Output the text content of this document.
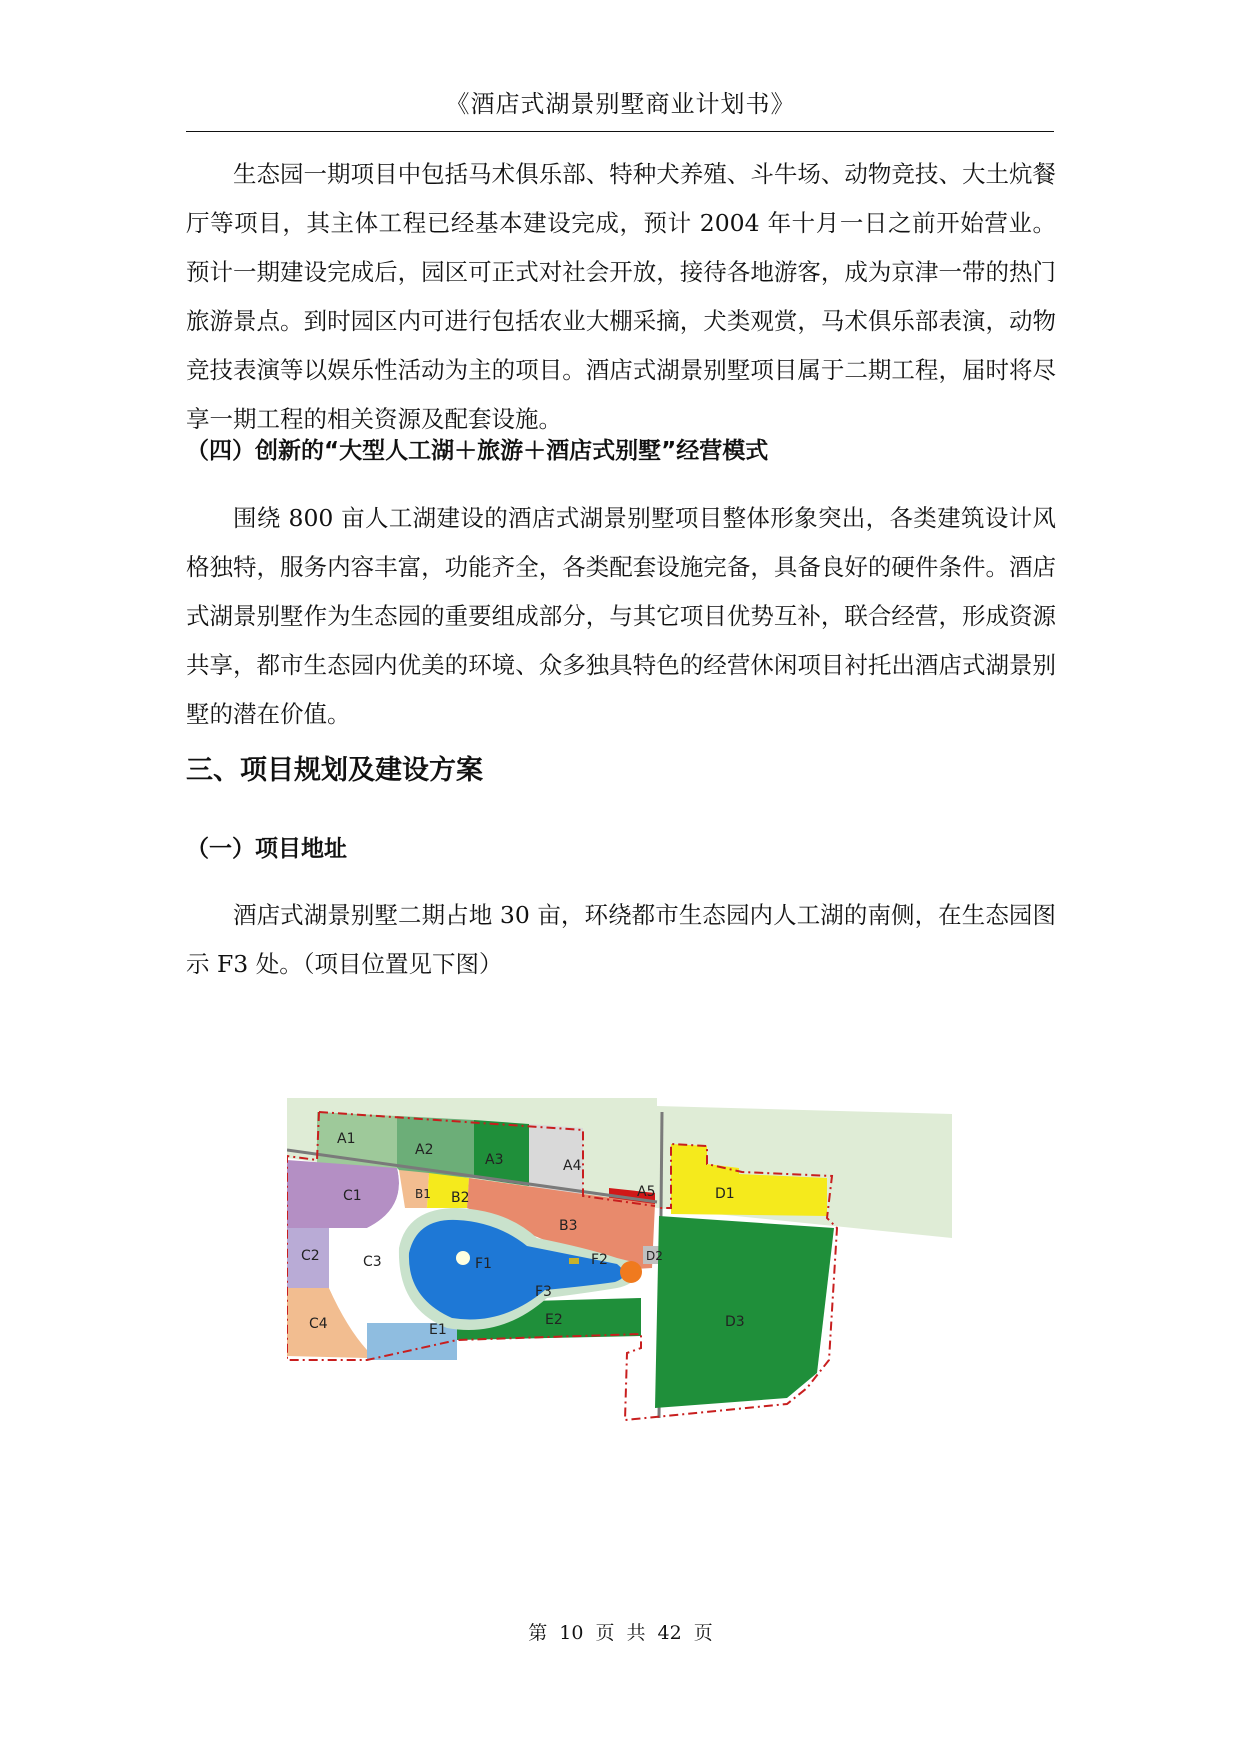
《酒店式湖景别墅商业计划书》

生态园一期项目中包括马术俱乐部、特种犬养殖、斗牛场、动物竞技、大土炕餐厅等项目，其主体工程已经基本建设完成，预计 2004 年十月一日之前开始营业。预计一期建设完成后，园区可正式对社会开放，接待各地游客，成为京津一带的热门旅游景点。到时园区内可进行包括农业大棚采摘，犬类观赏，马术俱乐部表演，动物竞技表演等以娱乐性活动为主的项目。酒店式湖景别墅项目属于二期工程，届时将尽享一期工程的相关资源及配套设施。

（四）创新的“大型人工湖＋旅游＋酒店式别墅”经营模式

围绕 800 亩人工湖建设的酒店式湖景别墅项目整体形象突出，各类建筑设计风格独特，服务内容丰富，功能齐全，各类配套设施完备，具备良好的硬件条件。酒店式湖景别墅作为生态园的重要组成部分，与其它项目优势互补，联合经营，形成资源共享，都市生态园内优美的环境、众多独具特色的经营休闲项目衬托出酒店式湖景别墅的潜在价值。

三、项目规划及建设方案

（一）项目地址

酒店式湖景别墅二期占地 30 亩，环绕都市生态园内人工湖的南侧，在生态园图示 F3 处。（项目位置见下图）

A1
A2
A3	A4
A5
B1 B2
B3
C1
C2	C3
C4
D1
D2
D3
E1
E2
F1	F2
F3
第 10 页 共 42 页
